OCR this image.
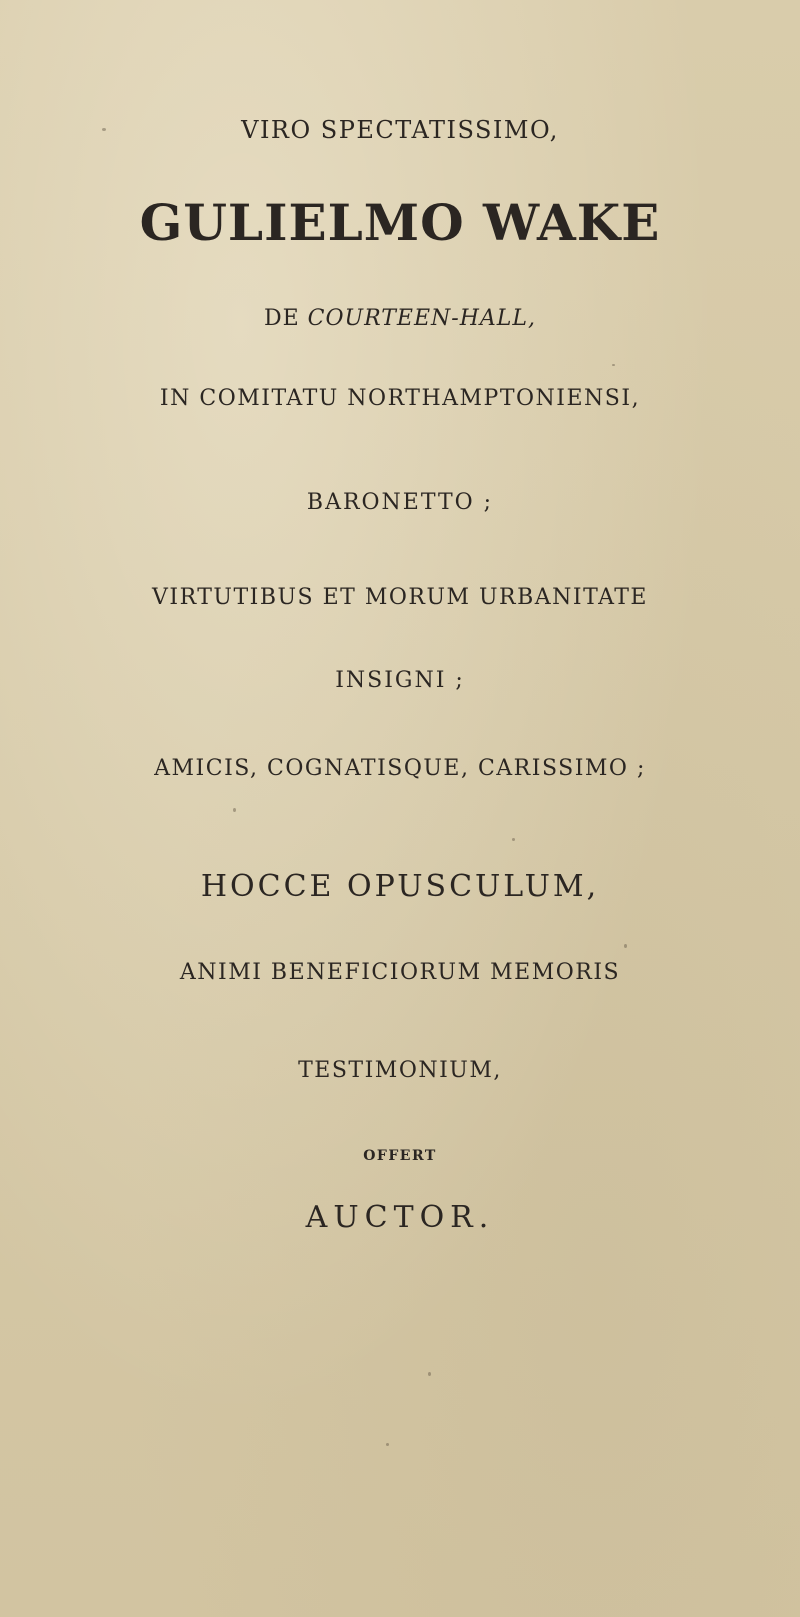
VIRO SPECTATISSIMO,
GULIELMO WAKE
DE COURTEEN-HALL,
IN COMITATU NORTHAMPTONIENSI,
BARONETTO ;
VIRTUTIBUS ET MORUM URBANITATE
INSIGNI ;
AMICIS, COGNATISQUE, CARISSIMO ;
HOCCE OPUSCULUM,
ANIMI BENEFICIORUM MEMORIS
TESTIMONIUM,
OFFERT
AUCTOR.
